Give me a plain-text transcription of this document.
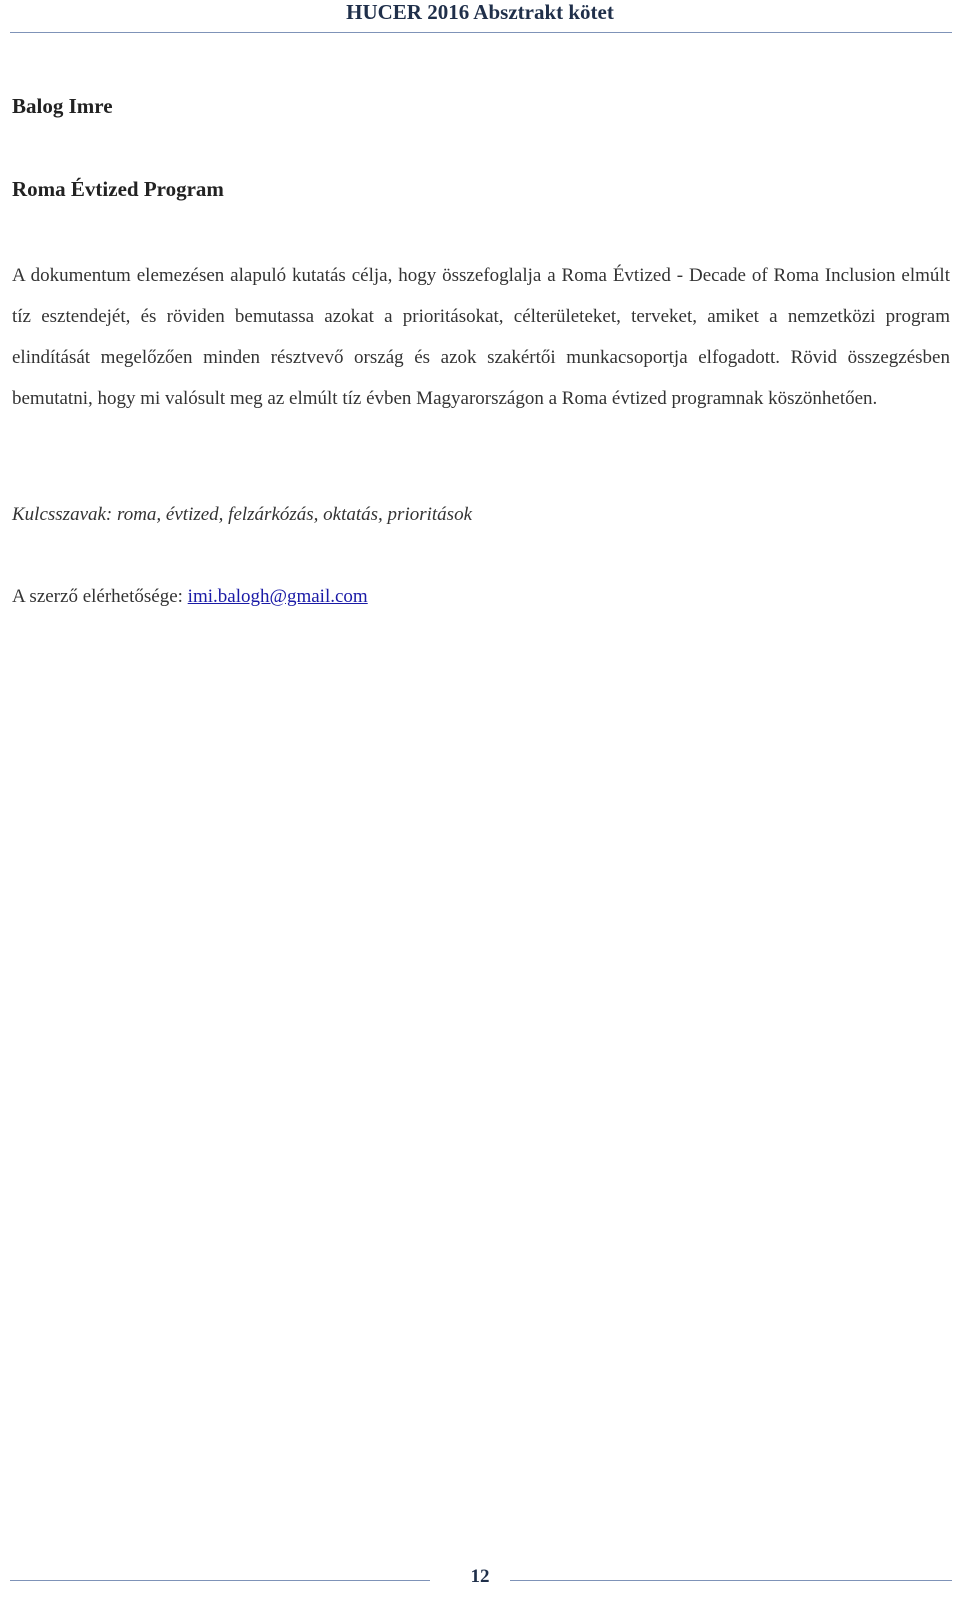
HUCER 2016 Absztrakt kötet
Balog Imre
Roma Évtized Program

A dokumentum elemezésen alapuló kutatás célja, hogy összefoglalja a Roma Évtized - Decade of Roma Inclusion elmúlt tíz esztendejét, és röviden bemutassa azokat a prioritásokat, célterületeket, terveket, amiket a nemzetközi program elindítását megelőzően minden résztvevő ország és azok szakértői munkacsoportja elfogadott. Rövid összegzésben bemutatni, hogy mi valósult meg az elmúlt tíz évben Magyarországon a Roma évtized programnak köszönhetően.

Kulcsszavak: roma, évtized, felzárkózás, oktatás, prioritások
A szerző elérhetősége: imi.balogh@gmail.com
12
